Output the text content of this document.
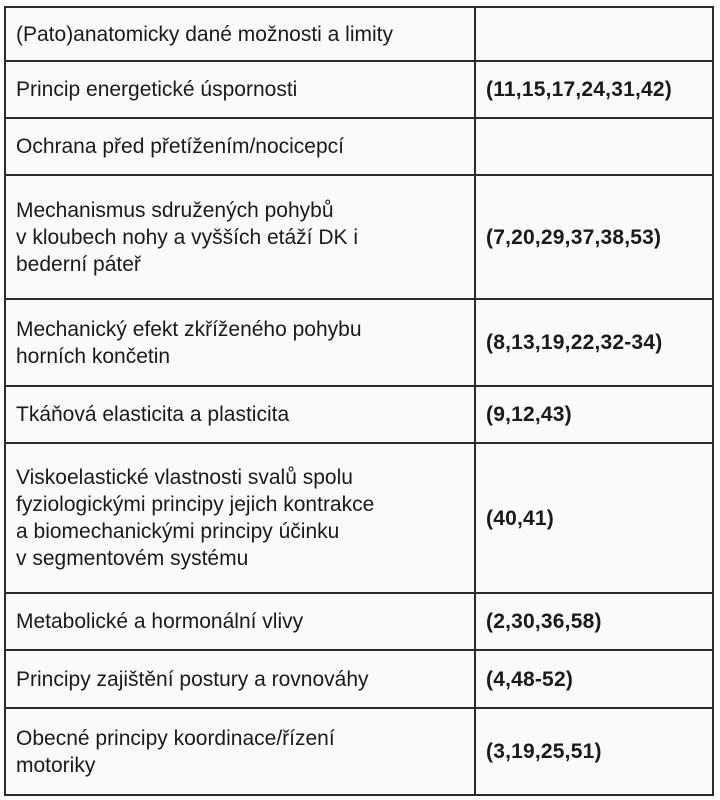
(Pato)anatomicky dané možnosti a limity	

Princip energetické úspornosti	(11,15,17,24,31,42)

Ochrana před přetížením/nocicepcí	

Mechanismus sdružených pohybů
v kloubech nohy a vyšších etáží DK i
bederní páteř	(7,20,29,37,38,53)

Mechanický efekt zkříženého pohybu
horních končetin	(8,13,19,22,32-34)

Tkáňová elasticita a plasticita	(9,12,43)

Viskoelastické vlastnosti svalů spolu
fyziologickými principy jejich kontrakce
a biomechanickými principy účinku
v segmentovém systému	(40,41)

Metabolické a hormonální vlivy	(2,30,36,58)

Principy zajištění postury a rovnováhy	(4,48-52)

Obecné principy koordinace/řízení
motoriky	(3,19,25,51)
